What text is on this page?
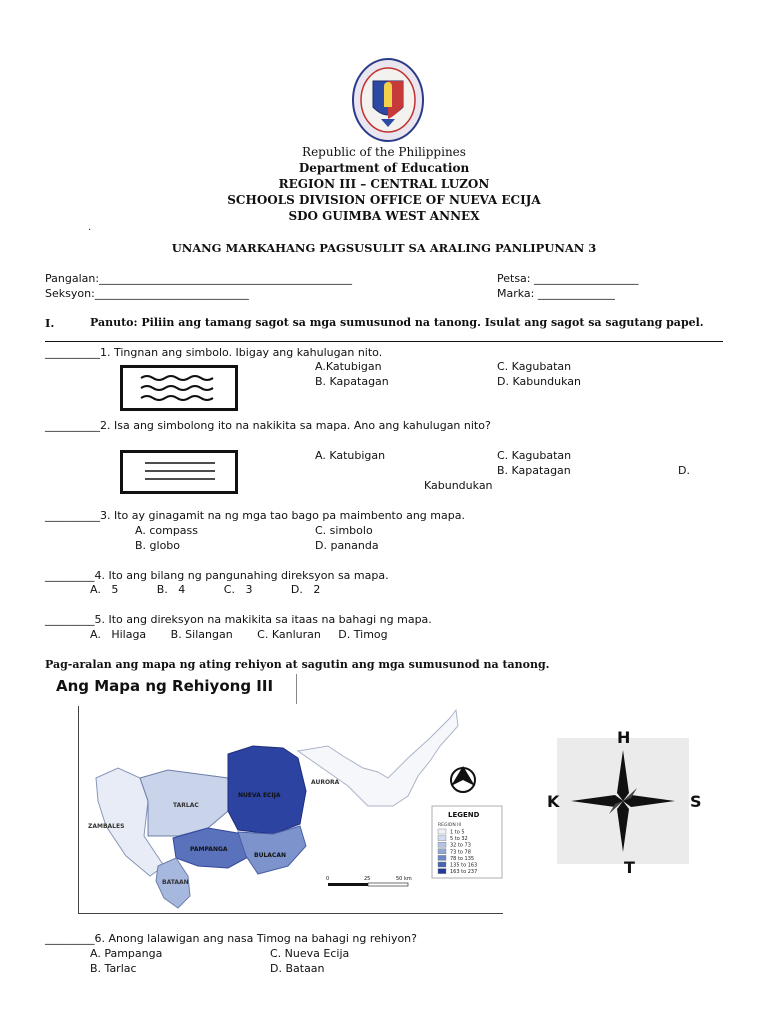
Republic of the Philippines
Department of Education
REGION III – CENTRAL LUZON
SCHOOLS DIVISION OFFICE OF NUEVA ECIJA
SDO GUIMBA WEST ANNEX
.
UNANG MARKAHANG PAGSUSULIT SA ARALING PANLIPUNAN 3
Pangalan:______________________________________________
Seksyon:____________________________
Petsa: ___________________
Marka: ______________
I.	Panuto: Piliin ang tamang sagot sa mga sumusunod na tanong. Isulat ang sagot sa sagutang papel.
__________1. Tingnan ang simbolo. Ibigay ang kahulugan nito.
A.Katubigan
B. Kapatagan
C. Kagubatan
D. Kabundukan
__________2. Isa ang simbolong ito na nakikita sa mapa. Ano ang kahulugan nito?
A. Katubigan	C. Kagubatan
B. Kapatagan	D.
Kabundukan
__________3. Ito ay ginagamit na ng mga tao bago pa maimbento ang mapa.
A. compass
B. globo
C. simbolo
D. pananda
_________4. Ito ang bilang ng pangunahing direksyon sa mapa.
A.   5           B.   4           C.   3           D.   2
_________5. Ito ang direksyon na makikita sa itaas na bahagi ng mapa.
A.   Hilaga       B. Silangan       C. Kanluran     D. Timog
Pag-aralan ang mapa ng ating rehiyon at sagutin ang mga sumusunod na tanong.
Ang Mapa ng Rehiyong III
TARLAC
NUEVA ECIJA
AURORA
ZAMBALES
PAMPANGA
BULACAN
BATAAN
LEGEND
REGION III
1 to 5
5 to 32
32 to 73
73 to 78
78 to 135
135 to 163
163 to 237
0	25	50 km
H
K	S
T
_________6. Anong lalawigan ang nasa Timog na bahagi ng rehiyon?
A. Pampanga
B. Tarlac
C. Nueva Ecija
D. Bataan
